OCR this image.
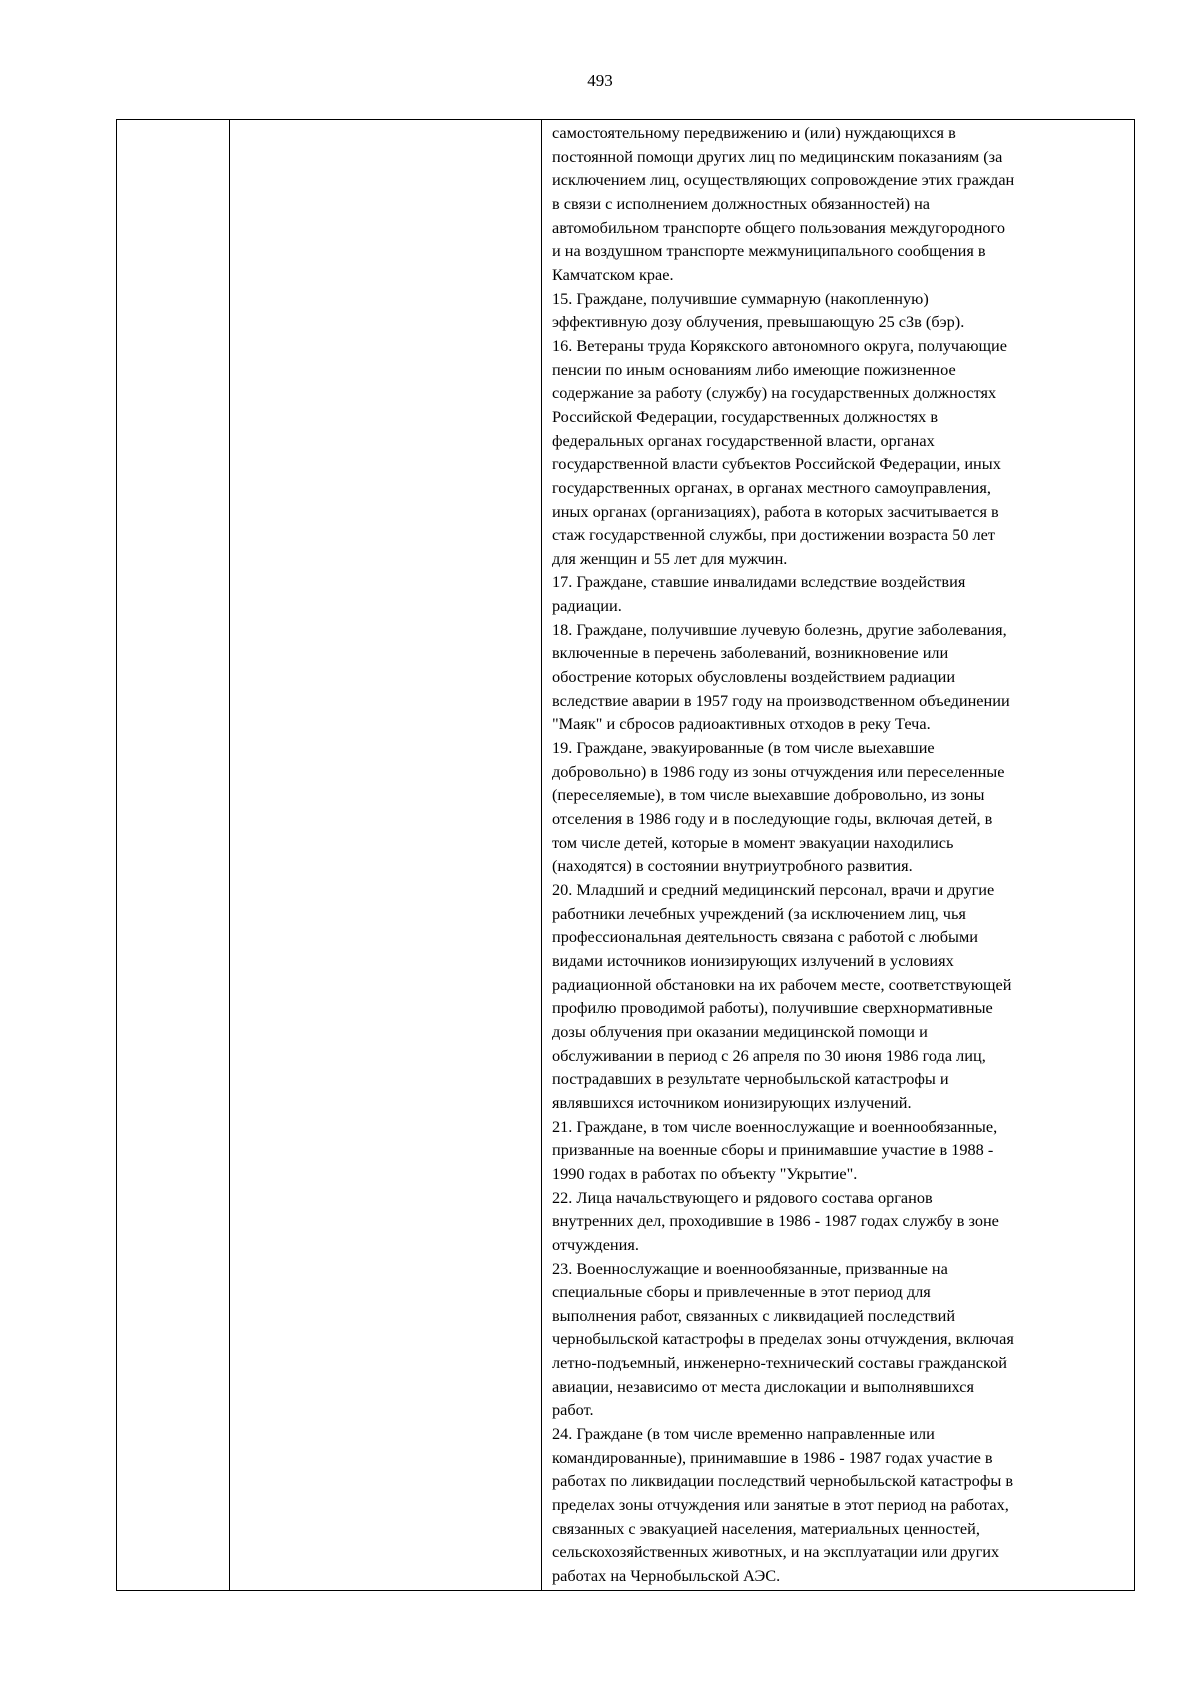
493

самостоятельному передвижению и (или) нуждающихся в
постоянной помощи других лиц по медицинским показаниям (за
исключением лиц, осуществляющих сопровождение этих граждан
в связи с исполнением должностных обязанностей) на
автомобильном транспорте общего пользования междугородного
и на воздушном транспорте межмуниципального сообщения в
Камчатском крае.
15. Граждане, получившие суммарную (накопленную)
эффективную дозу облучения, превышающую 25 сЗв (бэр).
16. Ветераны труда Корякского автономного округа, получающие
пенсии по иным основаниям либо имеющие пожизненное
содержание за работу (службу) на государственных должностях
Российской Федерации, государственных должностях в
федеральных органах государственной власти, органах
государственной власти субъектов Российской Федерации, иных
государственных органах, в органах местного самоуправления,
иных органах (организациях), работа в которых засчитывается в
стаж государственной службы, при достижении возраста 50 лет
для женщин и 55 лет для мужчин.
17. Граждане, ставшие инвалидами вследствие воздействия
радиации.
18. Граждане, получившие лучевую болезнь, другие заболевания,
включенные в перечень заболеваний, возникновение или
обострение которых обусловлены воздействием радиации
вследствие аварии в 1957 году на производственном объединении
"Маяк" и сбросов радиоактивных отходов в реку Теча.
19. Граждане, эвакуированные (в том числе выехавшие
добровольно) в 1986 году из зоны отчуждения или переселенные
(переселяемые), в том числе выехавшие добровольно, из зоны
отселения в 1986 году и в последующие годы, включая детей, в
том числе детей, которые в момент эвакуации находились
(находятся) в состоянии внутриутробного развития.
20. Младший и средний медицинский персонал, врачи и другие
работники лечебных учреждений (за исключением лиц, чья
профессиональная деятельность связана с работой с любыми
видами источников ионизирующих излучений в условиях
радиационной обстановки на их рабочем месте, соответствующей
профилю проводимой работы), получившие сверхнормативные
дозы облучения при оказании медицинской помощи и
обслуживании в период с 26 апреля по 30 июня 1986 года лиц,
пострадавших в результате чернобыльской катастрофы и
являвшихся источником ионизирующих излучений.
21. Граждане, в том числе военнослужащие и военнообязанные,
призванные на военные сборы и принимавшие участие в 1988 -
1990 годах в работах по объекту "Укрытие".
22. Лица начальствующего и рядового состава органов
внутренних дел, проходившие в 1986 - 1987 годах службу в зоне
отчуждения.
23. Военнослужащие и военнообязанные, призванные на
специальные сборы и привлеченные в этот период для
выполнения работ, связанных с ликвидацией последствий
чернобыльской катастрофы в пределах зоны отчуждения, включая
летно-подъемный, инженерно-технический составы гражданской
авиации, независимо от места дислокации и выполнявшихся
работ.
24. Граждане (в том числе временно направленные или
командированные), принимавшие в 1986 - 1987 годах участие в
работах по ликвидации последствий чернобыльской катастрофы в
пределах зоны отчуждения или занятые в этот период на работах,
связанных с эвакуацией населения, материальных ценностей,
сельскохозяйственных животных, и на эксплуатации или других
работах на Чернобыльской АЭС.
